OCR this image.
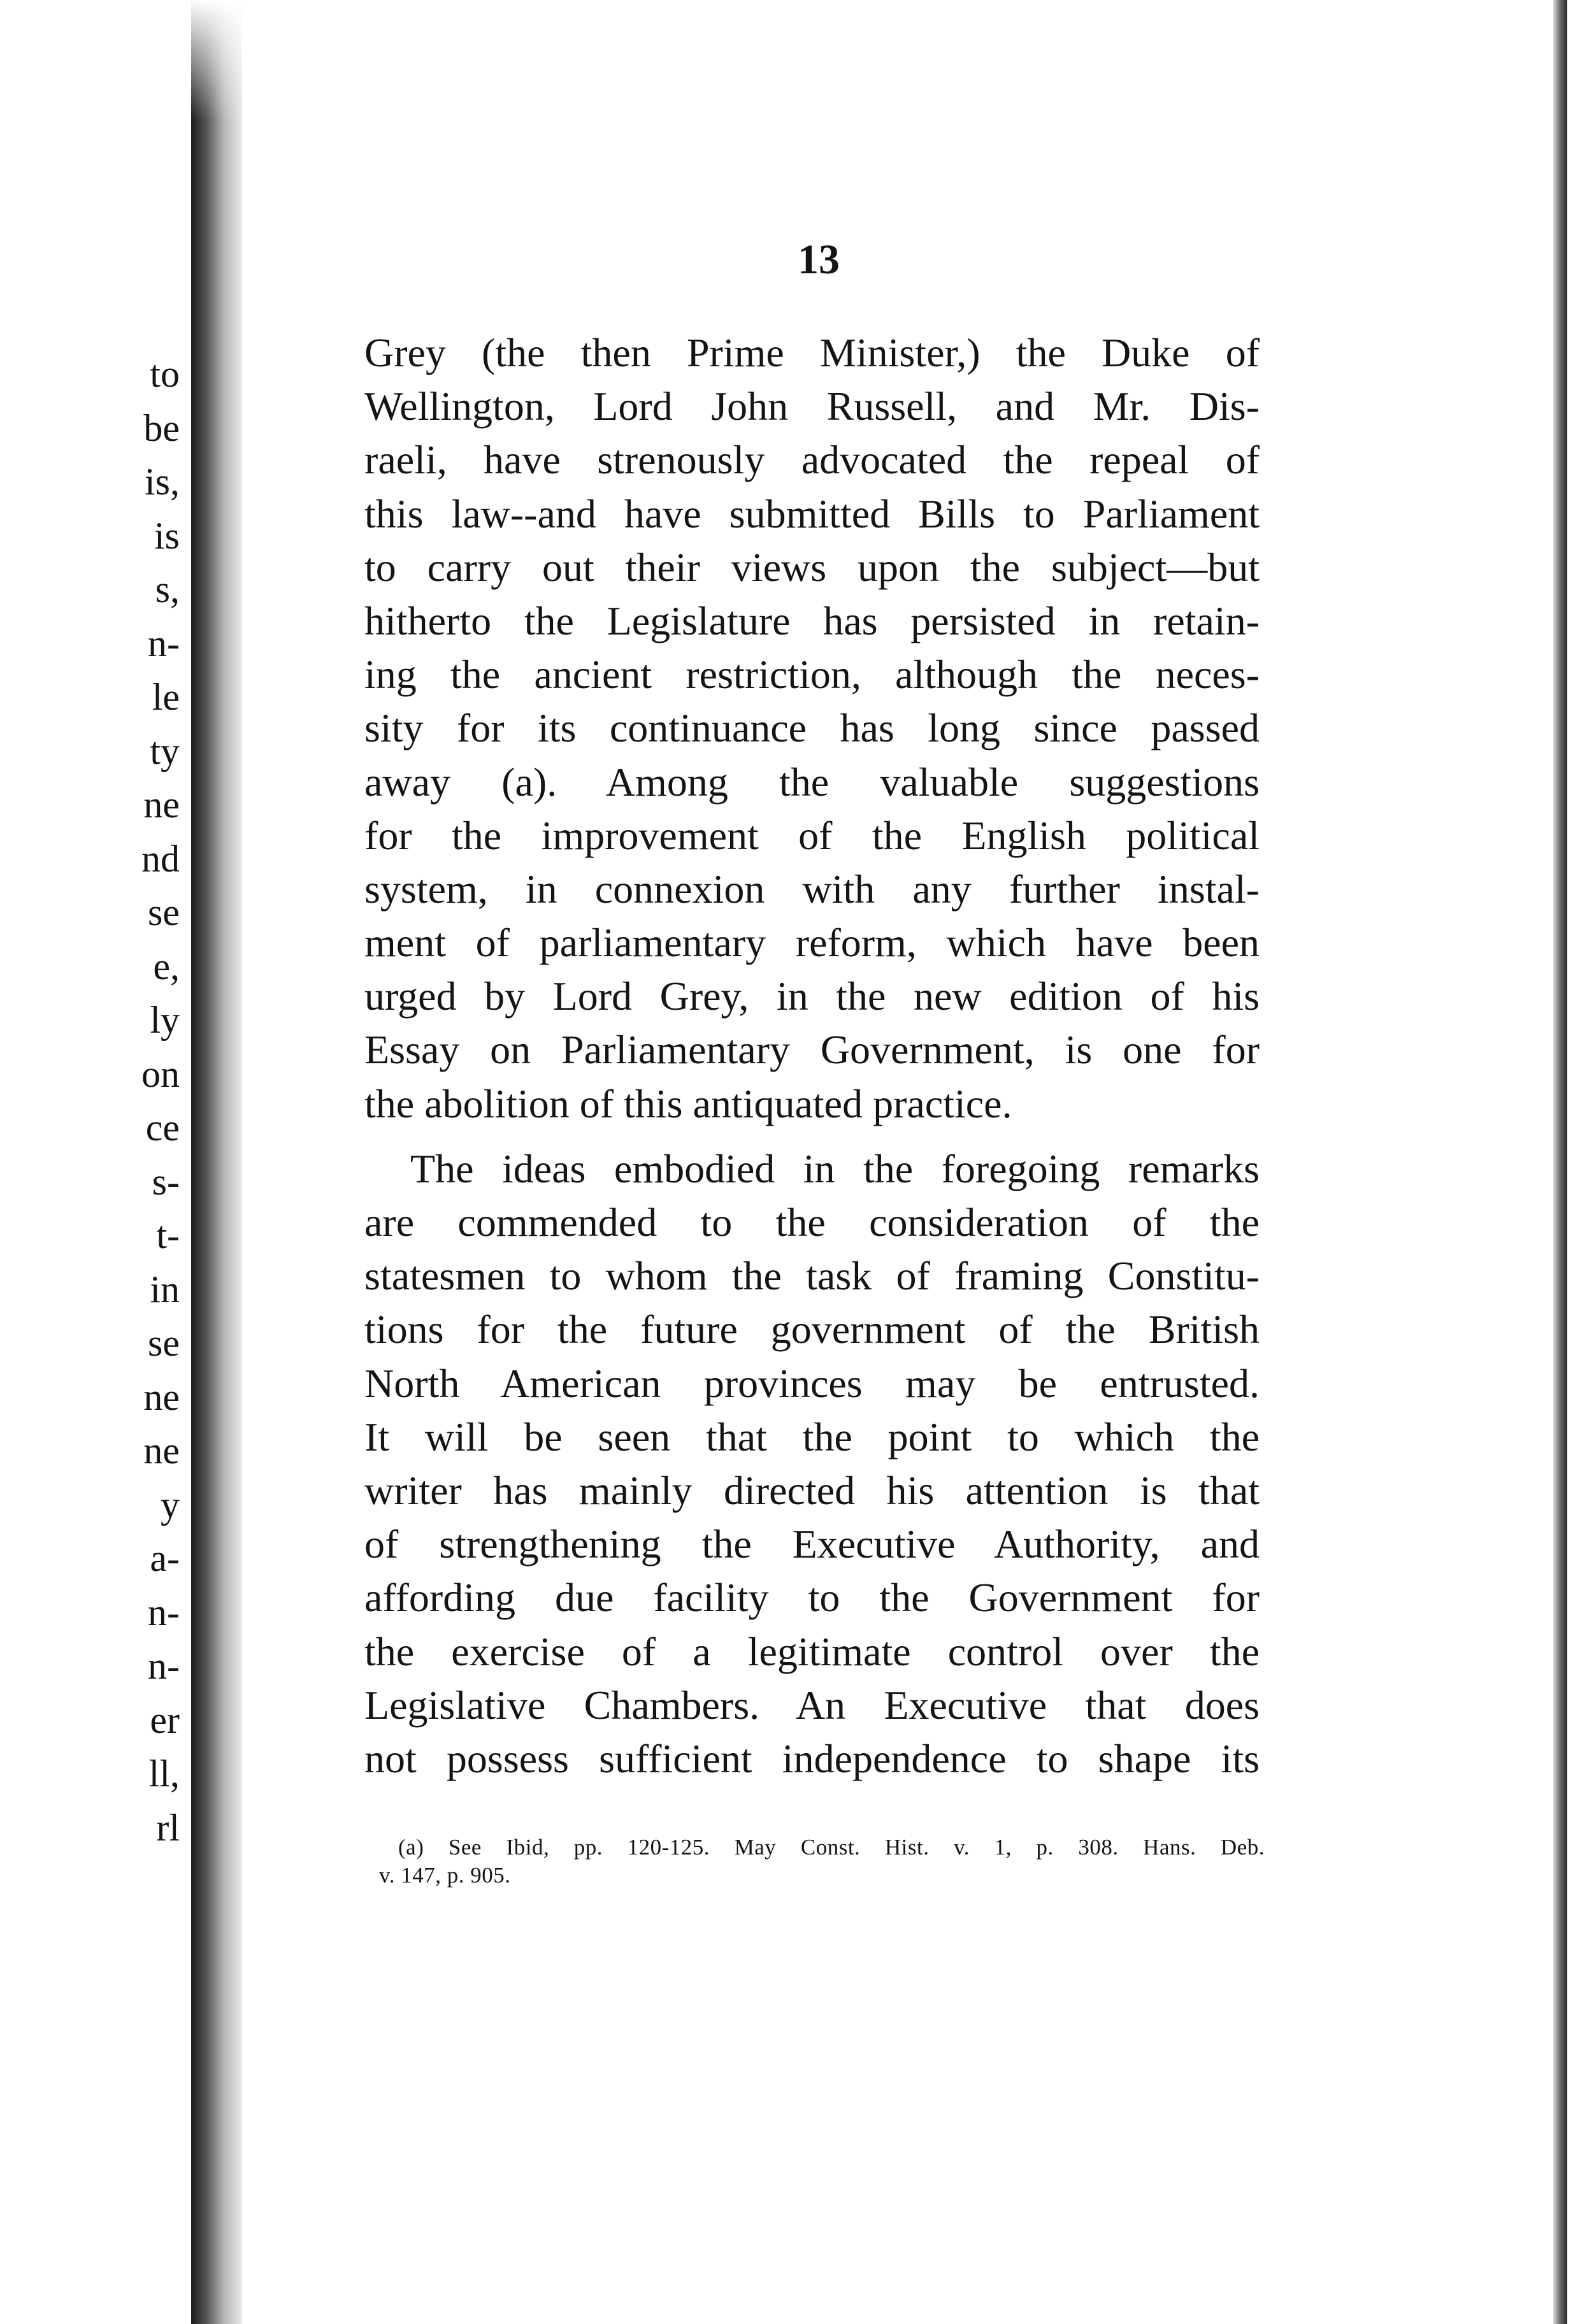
to
be
is,
is
s,
n-
le
ty
ne
nd
se
e,
ly
on
ce
s-
t-
in
se
ne
ne
y
a-
n-
n-
er
ll,
rl
13
Grey (the then Prime Minister,) the Duke of
Wellington, Lord John Russell, and Mr. Dis-
raeli, have strenously advocated the repeal of
this law--and have submitted Bills to Parliament
to carry out their views upon the subject—but
hitherto the Legislature has persisted in retain-
ing the ancient restriction, although the neces-
sity for its continuance has long since passed
away (a). Among the valuable suggestions
for the improvement of the English political
system, in connexion with any further instal-
ment of parliamentary reform, which have been
urged by Lord Grey, in the new edition of his
Essay on Parliamentary Government, is one for
the abolition of this antiquated practice.
The ideas embodied in the foregoing remarks
are commended to the consideration of the
statesmen to whom the task of framing Constitu-
tions for the future government of the British
North American provinces may be entrusted.
It will be seen that the point to which the
writer has mainly directed his attention is that
of strengthening the Executive Authority, and
affording due facility to the Government for
the exercise of a legitimate control over the
Legislative Chambers. An Executive that does
not possess sufficient independence to shape its
(a) See Ibid, pp. 120-125. May Const. Hist. v. 1, p. 308. Hans. Deb.
v. 147, p. 905.
